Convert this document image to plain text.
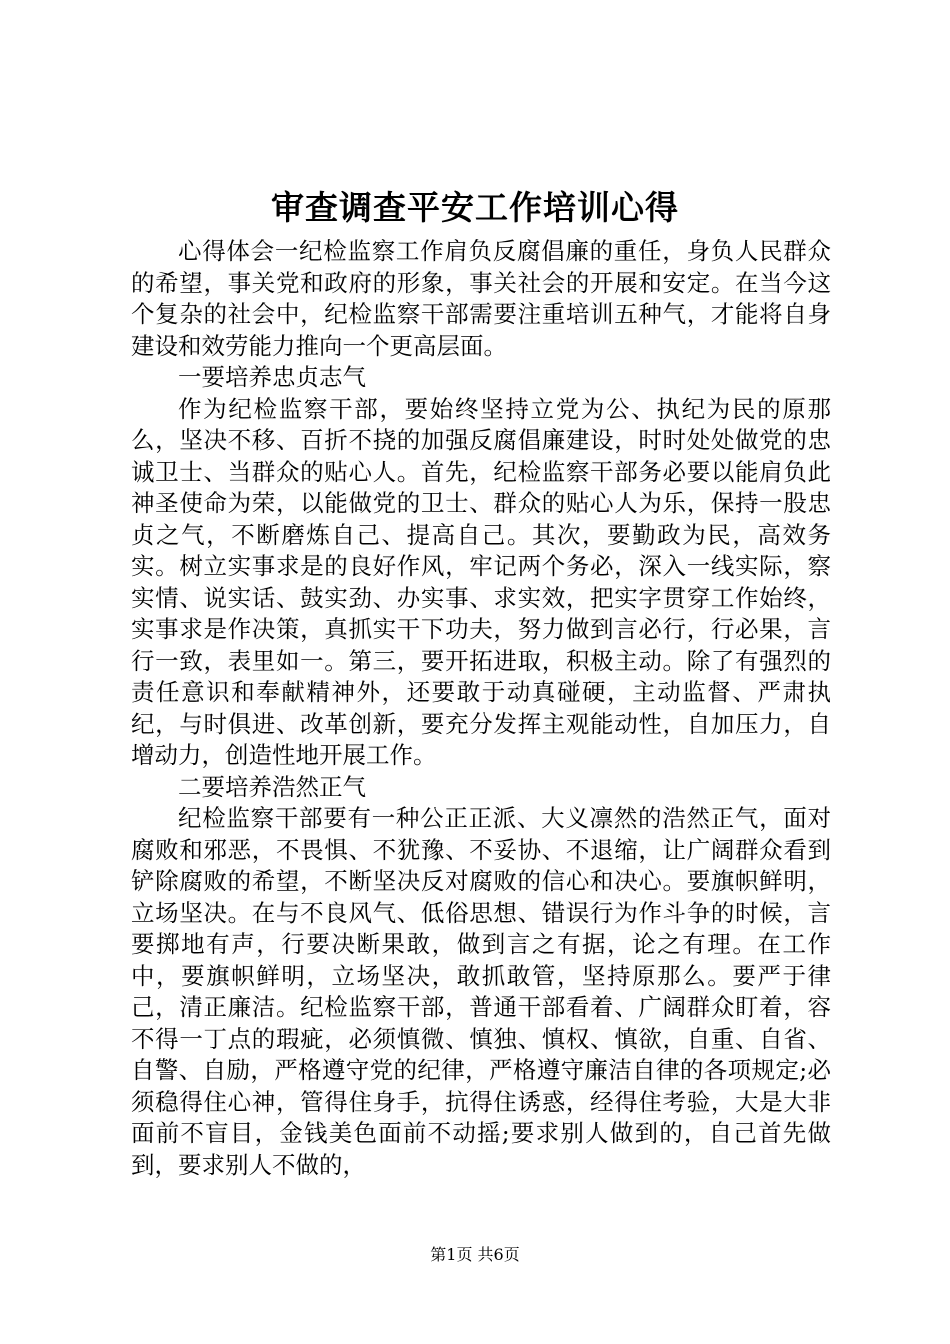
审查调查平安工作培训心得

心得体会一纪检监察工作肩负反腐倡廉的重任，身负人民群众的希望，事关党和政府的形象，事关社会的开展和安定。在当今这个复杂的社会中，纪检监察干部需要注重培训五种气，才能将自身建设和效劳能力推向一个更高层面。

一要培养忠贞志气

作为纪检监察干部，要始终坚持立党为公、执纪为民的原那么，坚决不移、百折不挠的加强反腐倡廉建设，时时处处做党的忠诚卫士、当群众的贴心人。首先，纪检监察干部务必要以能肩负此神圣使命为荣，以能做党的卫士、群众的贴心人为乐，保持一股忠贞之气，不断磨炼自己、提高自己。其次，要勤政为民，高效务实。树立实事求是的良好作风，牢记两个务必，深入一线实际，察实情、说实话、鼓实劲、办实事、求实效，把实字贯穿工作始终，实事求是作决策，真抓实干下功夫，努力做到言必行，行必果，言行一致，表里如一。第三，要开拓进取，积极主动。除了有强烈的责任意识和奉献精神外，还要敢于动真碰硬，主动监督、严肃执纪，与时俱进、改革创新，要充分发挥主观能动性，自加压力，自增动力，创造性地开展工作。

二要培养浩然正气

纪检监察干部要有一种公正正派、大义凛然的浩然正气，面对腐败和邪恶，不畏惧、不犹豫、不妥协、不退缩，让广阔群众看到铲除腐败的希望，不断坚决反对腐败的信心和决心。要旗帜鲜明，立场坚决。在与不良风气、低俗思想、错误行为作斗争的时候，言要掷地有声，行要决断果敢，做到言之有据，论之有理。在工作中，要旗帜鲜明，立场坚决，敢抓敢管，坚持原那么。要严于律己，清正廉洁。纪检监察干部，普通干部看着、广阔群众盯着，容不得一丁点的瑕疵，必须慎微、慎独、慎权、慎欲，自重、自省、自警、自励，严格遵守党的纪律，严格遵守廉洁自律的各项规定;必须稳得住心神，管得住身手，抗得住诱惑，经得住考验，大是大非面前不盲目，金钱美色面前不动摇;要求别人做到的，自己首先做到，要求别人不做的，

第1页 共6页
